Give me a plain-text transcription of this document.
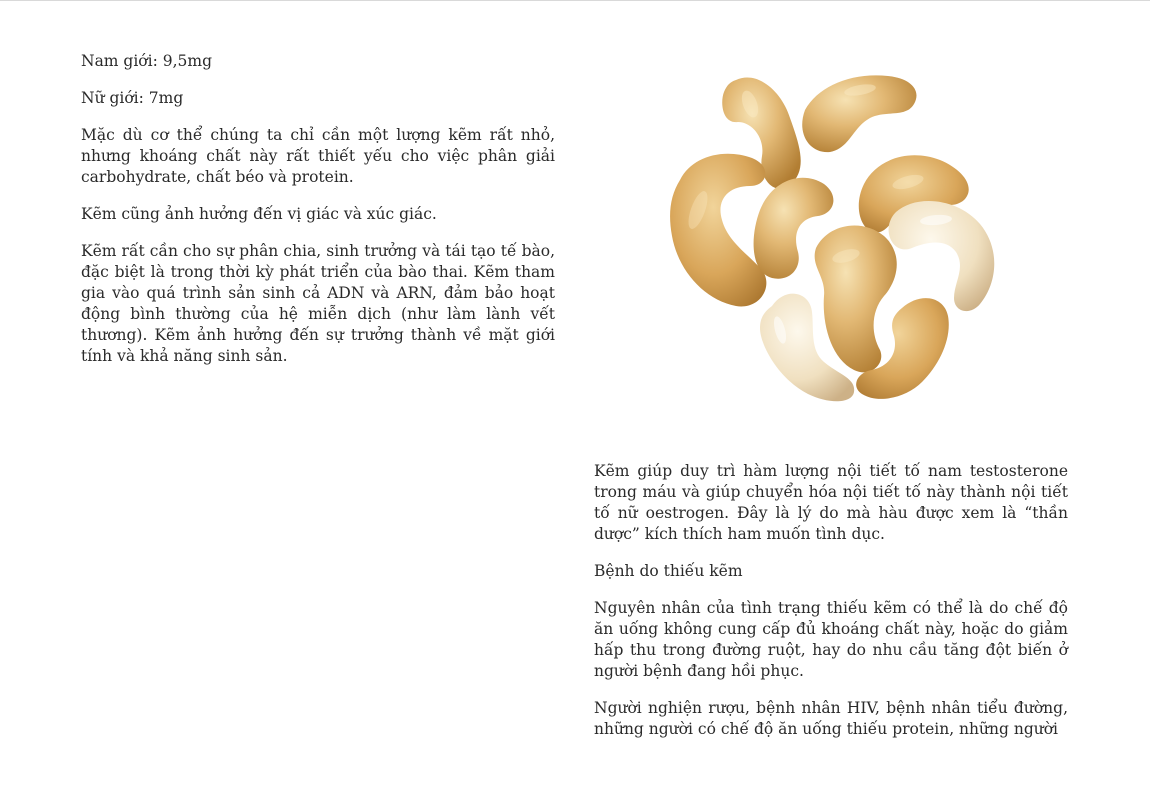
Nam giới: 9,5mg

Nữ giới: 7mg

Mặc dù cơ thể chúng ta chỉ cần một lượng kẽm rất nhỏ, nhưng khoáng chất này rất thiết yếu cho việc phân giải carbohydrate, chất béo và protein.

Kẽm cũng ảnh hưởng đến vị giác và xúc giác.

Kẽm rất cần cho sự phân chia, sinh trưởng và tái tạo tế bào, đặc biệt là trong thời kỳ phát triển của bào thai. Kẽm tham gia vào quá trình sản sinh cả ADN và ARN, đảm bảo hoạt động bình thường của hệ miễn dịch (như làm lành vết thương). Kẽm ảnh hưởng đến sự trưởng thành về mặt giới tính và khả năng sinh sản.

Kẽm giúp duy trì hàm lượng nội tiết tố nam testosterone trong máu và giúp chuyển hóa nội tiết tố này thành nội tiết tố nữ oestrogen. Đây là lý do mà hàu được xem là “thần dược” kích thích ham muốn tình dục.

Bệnh do thiếu kẽm

Nguyên nhân của tình trạng thiếu kẽm có thể là do chế độ ăn uống không cung cấp đủ khoáng chất này, hoặc do giảm hấp thu trong đường ruột, hay do nhu cầu tăng đột biến ở người bệnh đang hồi phục.

Người nghiện rượu, bệnh nhân HIV, bệnh nhân tiểu đường, những người có chế độ ăn uống thiếu protein, những người
